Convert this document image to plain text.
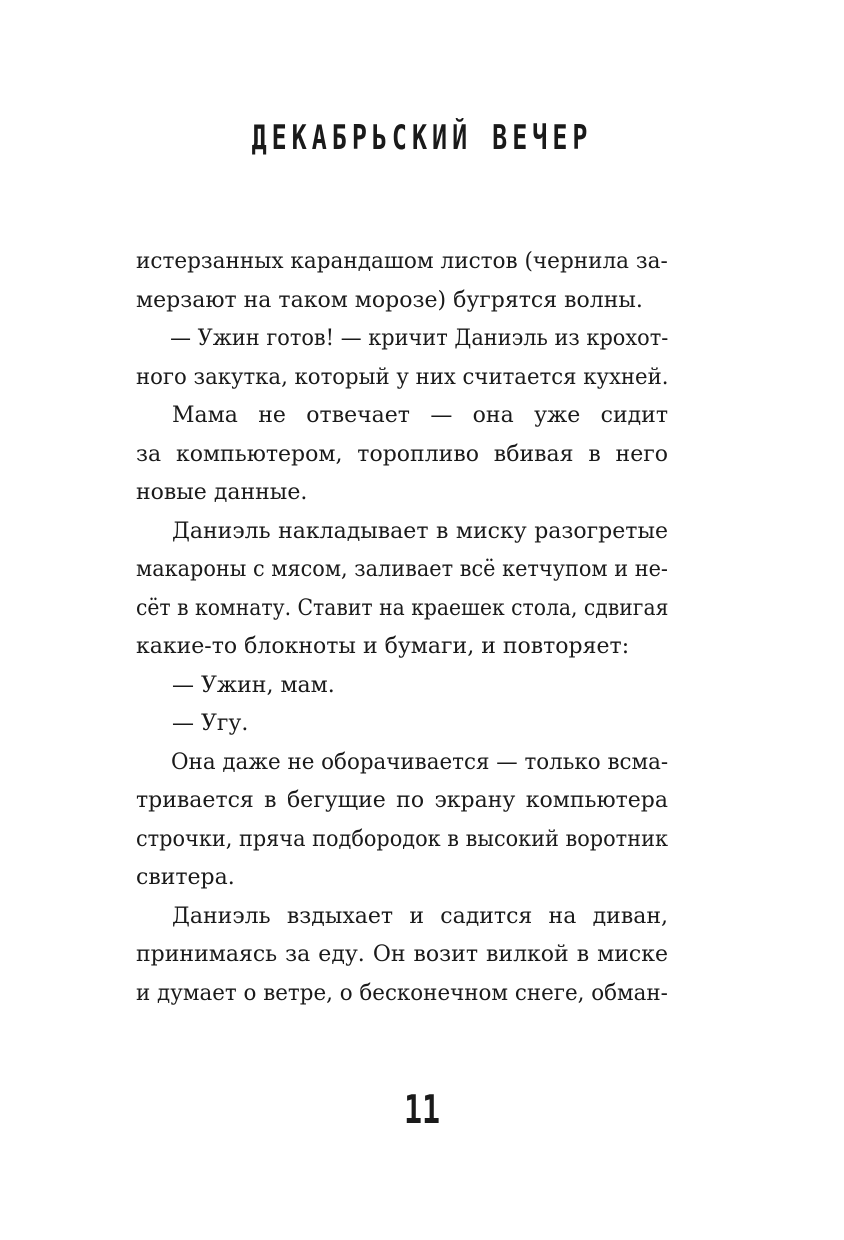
ДЕКАБРЬСКИЙ ВЕЧЕР
истерзанных карандашом листов (чернила за-
мерзают на таком морозе) бугрятся волны.
— Ужин готов! — кричит Даниэль из крохот-
ного закутка, который у них считается кухней.
Мама не отвечает — она уже сидит
за компьютером, торопливо вбивая в него
новые данные.
Даниэль накладывает в миску разогретые
макароны с мясом, заливает всё кетчупом и не-
сёт в комнату. Ставит на краешек стола, сдвигая
какие-то блокноты и бумаги, и повторяет:
— Ужин, мам.
— Угу.
Она даже не оборачивается — только всма-
тривается в бегущие по экрану компьютера
строчки, пряча подбородок в высокий воротник
свитера.
Даниэль вздыхает и садится на диван,
принимаясь за еду. Он возит вилкой в миске
и думает о ветре, о бесконечном снеге, обман-
11
